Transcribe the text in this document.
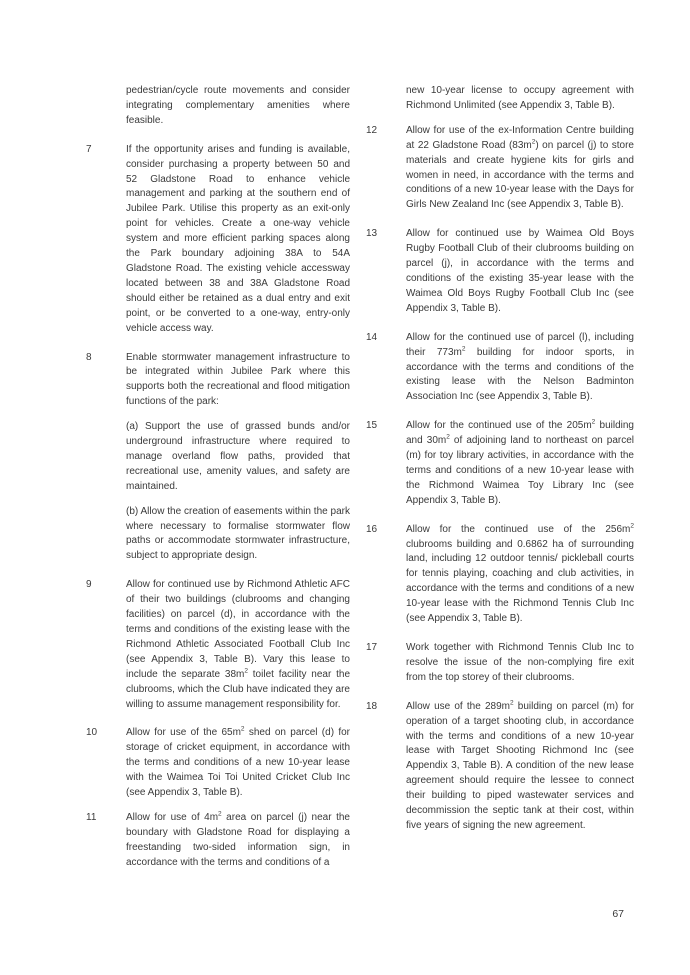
pedestrian/cycle route movements and consider integrating complementary amenities where feasible.

7	If the opportunity arises and funding is available, consider purchasing a property between 50 and 52 Gladstone Road to enhance vehicle management and parking at the southern end of Jubilee Park. Utilise this property as an exit-only point for vehicles. Create a one-way vehicle system and more efficient parking spaces along the Park boundary adjoining 38A to 54A Gladstone Road. The existing vehicle accessway located between 38 and 38A Gladstone Road should either be retained as a dual entry and exit point, or be converted to a one-way, entry-only vehicle access way.

8	Enable stormwater management infrastructure to be integrated within Jubilee Park where this supports both the recreational and flood mitigation functions of the park:

(a) Support the use of grassed bunds and/or underground infrastructure where required to manage overland flow paths, provided that recreational use, amenity values, and safety are maintained.

(b) Allow the creation of easements within the park where necessary to formalise stormwater flow paths or accommodate stormwater infrastructure, subject to appropriate design.

9	Allow for continued use by Richmond Athletic AFC of their two buildings (clubrooms and changing facilities) on parcel (d), in accordance with the terms and conditions of the existing lease with the Richmond Athletic Associated Football Club Inc (see Appendix 3, Table B). Vary this lease to include the separate $38m^2$ toilet facility near the clubrooms, which the Club have indicated they are willing to assume management responsibility for.

10	Allow for use of the $65m^2$ shed on parcel (d) for storage of cricket equipment, in accordance with the terms and conditions of a new 10-year lease with the Waimea Toi Toi United Cricket Club Inc (see Appendix 3, Table B).

11	Allow for use of $4m^2$ area on parcel (j) near the boundary with Gladstone Road for displaying a freestanding two-sided information sign, in accordance with the terms and conditions of a

new 10-year license to occupy agreement with Richmond Unlimited (see Appendix 3, Table B).

12	Allow for use of the ex-Information Centre building at 22 Gladstone Road $(83m^2)$ on parcel (j) to store materials and create hygiene kits for girls and women in need, in accordance with the terms and conditions of a new 10-year lease with the Days for Girls New Zealand Inc (see Appendix 3, Table B).

13	Allow for continued use by Waimea Old Boys Rugby Football Club of their clubrooms building on parcel (j), in accordance with the terms and conditions of the existing 35-year lease with the Waimea Old Boys Rugby Football Club Inc (see Appendix 3, Table B).

14	Allow for the continued use of parcel (l), including their $773m^2$ building for indoor sports, in accordance with the terms and conditions of the existing lease with the Nelson Badminton Association Inc (see Appendix 3, Table B).

15	Allow for the continued use of the $205m^2$ building and $30m^2$ of adjoining land to northeast on parcel (m) for toy library activities, in accordance with the terms and conditions of a new 10-year lease with the Richmond Waimea Toy Library Inc (see Appendix 3, Table B).

16	Allow for the continued use of the $256m^2$ clubrooms building and 0.6862 ha of surrounding land, including 12 outdoor tennis/ pickleball courts for tennis playing, coaching and club activities, in accordance with the terms and conditions of a new 10-year lease with the Richmond Tennis Club Inc (see Appendix 3, Table B).

17	Work together with Richmond Tennis Club Inc to resolve the issue of the non-complying fire exit from the top storey of their clubrooms.

18	Allow use of the $289m^2$ building on parcel (m) for operation of a target shooting club, in accordance with the terms and conditions of a new 10-year lease with Target Shooting Richmond Inc (see Appendix 3, Table B). A condition of the new lease agreement should require the lessee to connect their building to piped wastewater services and decommission the septic tank at their cost, within five years of signing the new agreement.

67
